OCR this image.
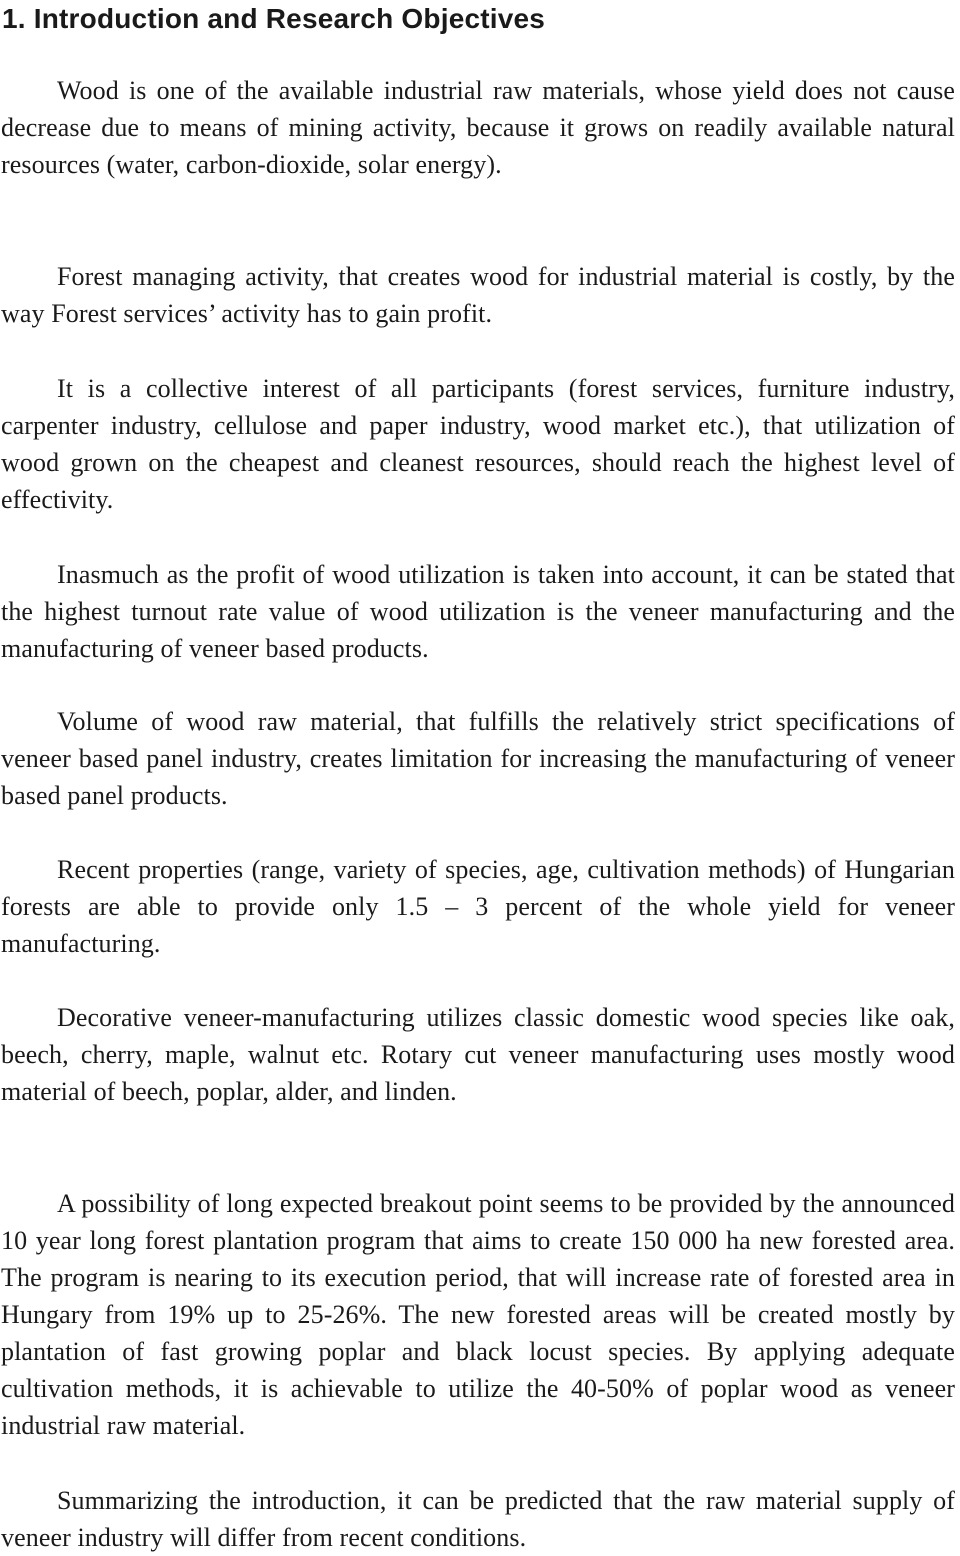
1. Introduction and Research Objectives

Wood is one of the available industrial raw materials, whose yield does not cause decrease due to means of mining activity, because it grows on readily available natural resources (water, carbon-dioxide, solar energy).

Forest managing activity, that creates wood for industrial material is costly, by the way Forest services’ activity has to gain profit.

It is a collective interest of all participants (forest services, furniture industry, carpenter industry, cellulose and paper industry, wood market etc.), that utilization of wood grown on the cheapest and cleanest resources, should reach the highest level of effectivity.

Inasmuch as the profit of wood utilization is taken into account, it can be stated that the highest turnout rate value of wood utilization is the veneer manufacturing and the manufacturing of veneer based products.

Volume of wood raw material, that fulfills the relatively strict specifications of veneer based panel industry, creates limitation for increasing the manufacturing of veneer based panel products.

Recent properties (range, variety of species, age, cultivation methods) of Hungarian forests are able to provide only 1.5 – 3 percent of the whole yield for veneer manufacturing.

Decorative veneer-manufacturing utilizes classic domestic wood species like oak, beech, cherry, maple, walnut etc. Rotary cut veneer manufacturing uses mostly wood material of beech, poplar, alder, and linden.

A possibility of long expected breakout point seems to be provided by the announced 10 year long forest plantation program that aims to create 150 000 ha new forested area. The program is nearing to its execution period, that will increase rate of forested area in Hungary from 19% up to 25-26%. The new forested areas will be created mostly by plantation of fast growing poplar and black locust species. By applying adequate cultivation methods, it is achievable to utilize the 40-50% of poplar wood as veneer industrial raw material.

Summarizing the introduction, it can be predicted that the raw material supply of veneer industry will differ from recent conditions.
